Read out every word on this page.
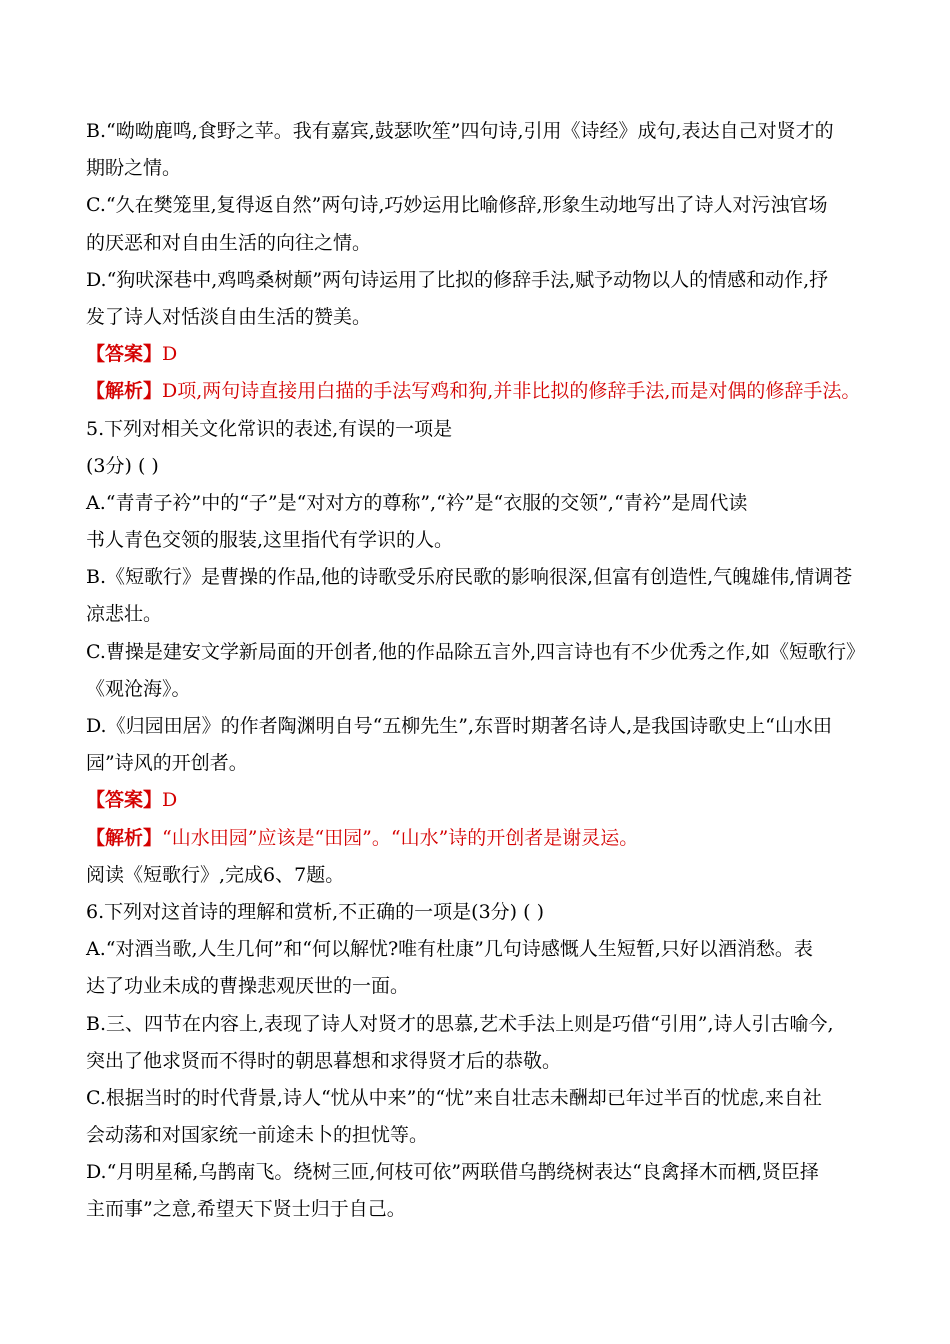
B.“呦呦鹿鸣,食野之苹。我有嘉宾,鼓瑟吹笙”四句诗,引用《诗经》成句,表达自己对贤才的
期盼之情。
C.“久在樊笼里,复得返自然”两句诗,巧妙运用比喻修辞,形象生动地写出了诗人对污浊官场
的厌恶和对自由生活的向往之情。
D.“狗吠深巷中,鸡鸣桑树颠”两句诗运用了比拟的修辞手法,赋予动物以人的情感和动作,抒
发了诗人对恬淡自由生活的赞美。
【答案】D
【解析】D项,两句诗直接用白描的手法写鸡和狗,并非比拟的修辞手法,而是对偶的修辞手法。
5.下列对相关文化常识的表述,有误的一项是
(3分) ( )
A.“青青子衿”中的“子”是“对对方的尊称”,“衿”是“衣服的交领”,“青衿”是周代读
书人青色交领的服装,这里指代有学识的人。
B.《短歌行》是曹操的作品,他的诗歌受乐府民歌的影响很深,但富有创造性,气魄雄伟,情调苍
凉悲壮。
C.曹操是建安文学新局面的开创者,他的作品除五言外,四言诗也有不少优秀之作,如《短歌行》
《观沧海》。
D.《归园田居》的作者陶渊明自号“五柳先生”,东晋时期著名诗人,是我国诗歌史上“山水田
园”诗风的开创者。
【答案】D
【解析】“山水田园”应该是“田园”。“山水”诗的开创者是谢灵运。
阅读《短歌行》,完成6、7题。
6.下列对这首诗的理解和赏析,不正确的一项是(3分) ( )
A.“对酒当歌,人生几何”和“何以解忧?唯有杜康”几句诗感慨人生短暂,只好以酒消愁。表
达了功业未成的曹操悲观厌世的一面。
B.三、四节在内容上,表现了诗人对贤才的思慕,艺术手法上则是巧借“引用”,诗人引古喻今,
突出了他求贤而不得时的朝思暮想和求得贤才后的恭敬。
C.根据当时的时代背景,诗人“忧从中来”的“忧”来自壮志未酬却已年过半百的忧虑,来自社
会动荡和对国家统一前途未卜的担忧等。
D.“月明星稀,乌鹊南飞。绕树三匝,何枝可依”两联借乌鹊绕树表达“良禽择木而栖,贤臣择
主而事”之意,希望天下贤士归于自己。
